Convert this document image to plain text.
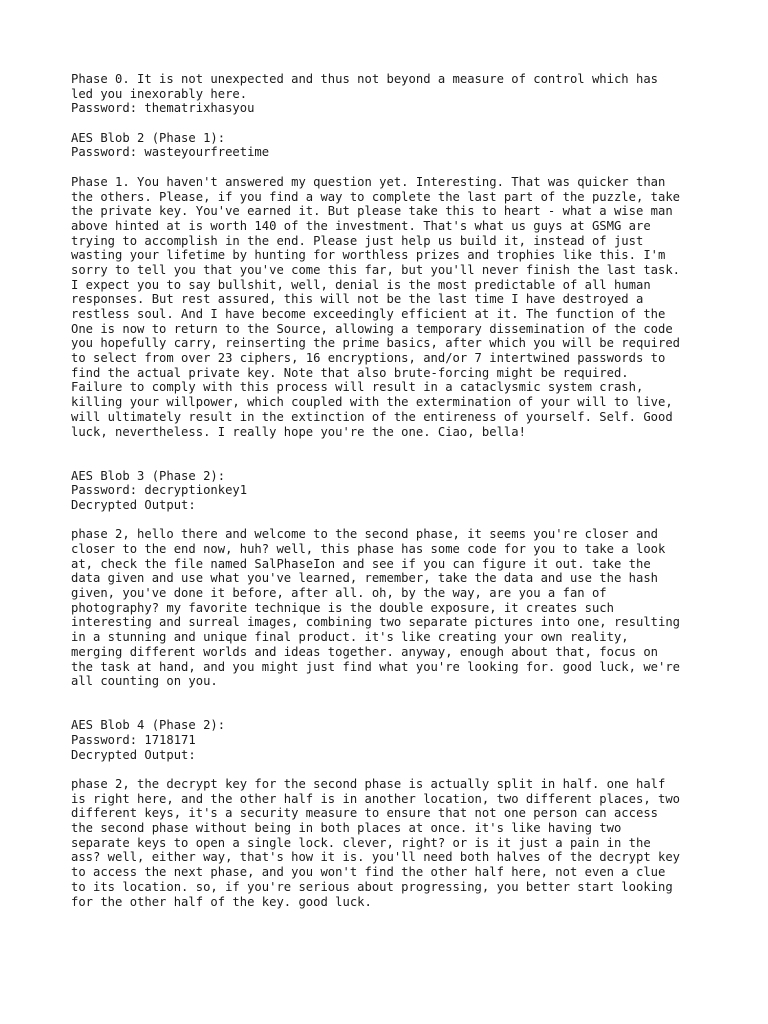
Phase 0. It is not unexpected and thus not beyond a measure of control which has
led you inexorably here.
Password: thematrixhasyou
AES Blob 2 (Phase 1):
Password: wasteyourfreetime
Phase 1. You haven't answered my question yet. Interesting. That was quicker than
the others. Please, if you find a way to complete the last part of the puzzle, take
the private key. You've earned it. But please take this to heart - what a wise man
above hinted at is worth 140 of the investment. That's what us guys at GSMG are
trying to accomplish in the end. Please just help us build it, instead of just
wasting your lifetime by hunting for worthless prizes and trophies like this. I'm
sorry to tell you that you've come this far, but you'll never finish the last task.
I expect you to say bullshit, well, denial is the most predictable of all human
responses. But rest assured, this will not be the last time I have destroyed a
restless soul. And I have become exceedingly efficient at it. The function of the
One is now to return to the Source, allowing a temporary dissemination of the code
you hopefully carry, reinserting the prime basics, after which you will be required
to select from over 23 ciphers, 16 encryptions, and/or 7 intertwined passwords to
find the actual private key. Note that also brute-forcing might be required.
Failure to comply with this process will result in a cataclysmic system crash,
killing your willpower, which coupled with the extermination of your will to live,
will ultimately result in the extinction of the entireness of yourself. Self. Good
luck, nevertheless. I really hope you're the one. Ciao, bella!
AES Blob 3 (Phase 2):
Password: decryptionkey1
Decrypted Output:
phase 2, hello there and welcome to the second phase, it seems you're closer and
closer to the end now, huh? well, this phase has some code for you to take a look
at, check the file named SalPhaseIon and see if you can figure it out. take the
data given and use what you've learned, remember, take the data and use the hash
given, you've done it before, after all. oh, by the way, are you a fan of
photography? my favorite technique is the double exposure, it creates such
interesting and surreal images, combining two separate pictures into one, resulting
in a stunning and unique final product. it's like creating your own reality,
merging different worlds and ideas together. anyway, enough about that, focus on
the task at hand, and you might just find what you're looking for. good luck, we're
all counting on you.
AES Blob 4 (Phase 2):
Password: 1718171
Decrypted Output:
phase 2, the decrypt key for the second phase is actually split in half. one half
is right here, and the other half is in another location, two different places, two
different keys, it's a security measure to ensure that not one person can access
the second phase without being in both places at once. it's like having two
separate keys to open a single lock. clever, right? or is it just a pain in the
ass? well, either way, that's how it is. you'll need both halves of the decrypt key
to access the next phase, and you won't find the other half here, not even a clue
to its location. so, if you're serious about progressing, you better start looking
for the other half of the key. good luck.
